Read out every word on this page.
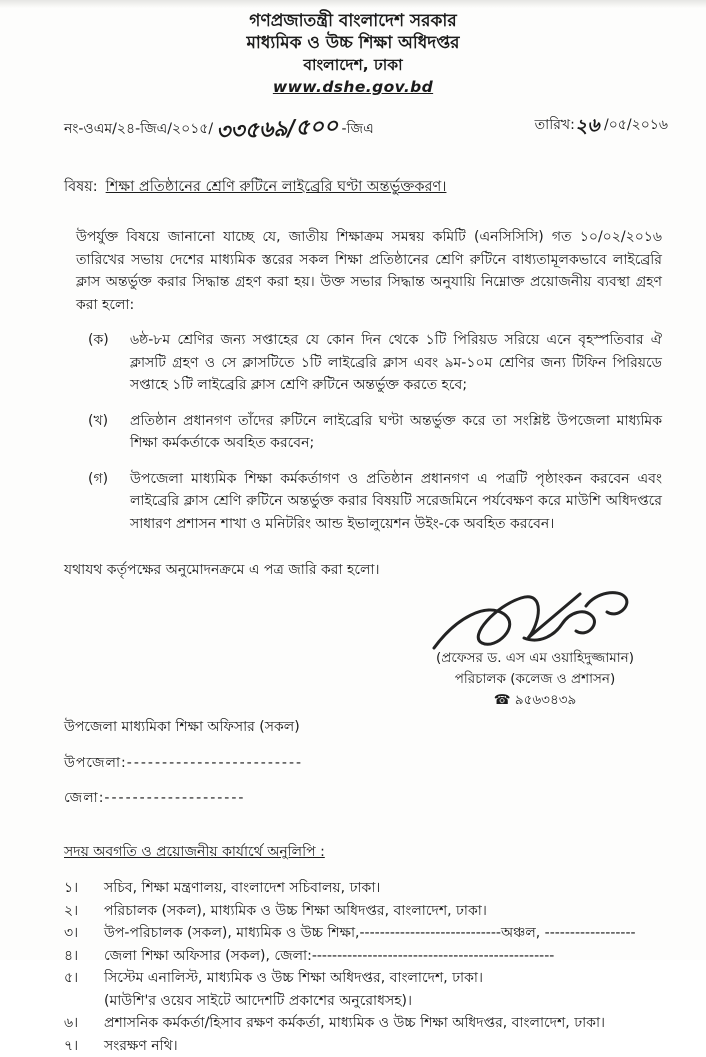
গণপ্রজাতন্ত্রী বাংলাদেশ সরকার
মাধ্যমিক ও উচ্চ শিক্ষা অধিদপ্তর
বাংলাদেশ, ঢাকা
www.dshe.gov.bd
নং-ওএম/২৪-জিএ/২০১৫/ ৩৩৫৬৯/৫০০ -জিএ	তারিখ:২৬ /০৫/২০১৬
বিষয়: শিক্ষা প্রতিষ্ঠানের শ্রেণি রুটিনে লাইব্রেরি ঘণ্টা অন্তর্ভুক্তকরণ।

উপর্যুক্ত বিষয়ে জানানো যাচ্ছে যে, জাতীয় শিক্ষাক্রম সমন্বয় কমিটি (এনসিসিসি) গত ১০/০২/২০১৬ তারিখের সভায় দেশের মাধ্যমিক স্তরের সকল শিক্ষা প্রতিষ্ঠানের শ্রেণি রুটিনে বাধ্যতামূলকভাবে লাইব্রেরি ক্লাস অন্তর্ভুক্ত করার সিদ্ধান্ত গ্রহণ করা হয়। উক্ত সভার সিদ্ধান্ত অনুযায়ি নিম্নোক্ত প্রয়োজনীয় ব্যবস্থা গ্রহণ করা হলো:

(ক)	৬ষ্ঠ-৮ম শ্রেণির জন্য সপ্তাহের যে কোন দিন থেকে ১টি পিরিয়ড সরিয়ে এনে বৃহস্পতিবার ঐ ক্লাসটি গ্রহণ ও সে ক্লাসটিতে ১টি লাইব্রেরি ক্লাস এবং ৯ম-১০ম শ্রেণির জন্য টিফিন পিরিয়ডে সপ্তাহে ১টি লাইব্রেরি ক্লাস শ্রেণি রুটিনে অন্তর্ভুক্ত করতে হবে;
(খ)	প্রতিষ্ঠান প্রধানগণ তাঁদের রুটিনে লাইব্রেরি ঘণ্টা অন্তর্ভুক্ত করে তা সংশ্লিষ্ট উপজেলা মাধ্যমিক শিক্ষা কর্মকর্তাকে অবহিত করবেন;
(গ)	উপজেলা মাধ্যমিক শিক্ষা কর্মকর্তাগণ ও প্রতিষ্ঠান প্রধানগণ এ পত্রটি পৃষ্ঠাংকন করবেন এবং লাইব্রেরি ক্লাস শ্রেণি রুটিনে অন্তর্ভুক্ত করার বিষয়টি সরেজমিনে পর্যবেক্ষণ করে মাউশি অধিদপ্তরে সাধারণ প্রশাসন শাখা ও মনিটরিং আন্ড ইভালুয়েশন উইং-কে অবহিত করবেন।

যথাযথ কর্তৃপক্ষের অনুমোদনক্রমে এ পত্র জারি করা হলো।

(প্রফেসর ড. এস এম ওয়াহিদুজ্জামান)
পরিচালক (কলেজ ও প্রশাসন)
☎ ৯৫৬৩৪৩৯
উপজেলা মাধ্যমিকা শিক্ষা অফিসার (সকল)
উপজেলা:-------------------------
জেলা:--------------------
সদয় অবগতি ও প্রয়োজনীয় কার্যার্থে অনুলিপি :
১।	সচিব, শিক্ষা মন্ত্রণালয়, বাংলাদেশ সচিবালয়, ঢাকা।
২।	পরিচালক (সকল), মাধ্যমিক ও উচ্চ শিক্ষা অধিদপ্তর, বাংলাদেশ, ঢাকা।
৩।	উপ-পরিচালক (সকল), মাধ্যমিক ও উচ্চ শিক্ষা,----------------------------অঞ্চল, ------------------
৪।	জেলা শিক্ষা অফিসার (সকল), জেলা:------------------------------------------------
৫।	সিস্টেম এনালিস্ট, মাধ্যমিক ও উচ্চ শিক্ষা অধিদপ্তর, বাংলাদেশ, ঢাকা।
(মাউশি'র ওয়েব সাইটে আদেশটি প্রকাশের অনুরোধসহ)।
৬।	প্রশাসনিক কর্মকর্তা/হিসাব রক্ষণ কর্মকর্তা, মাধ্যমিক ও উচ্চ শিক্ষা অধিদপ্তর, বাংলাদেশ, ঢাকা।
৭।	সংরক্ষণ নথি।
